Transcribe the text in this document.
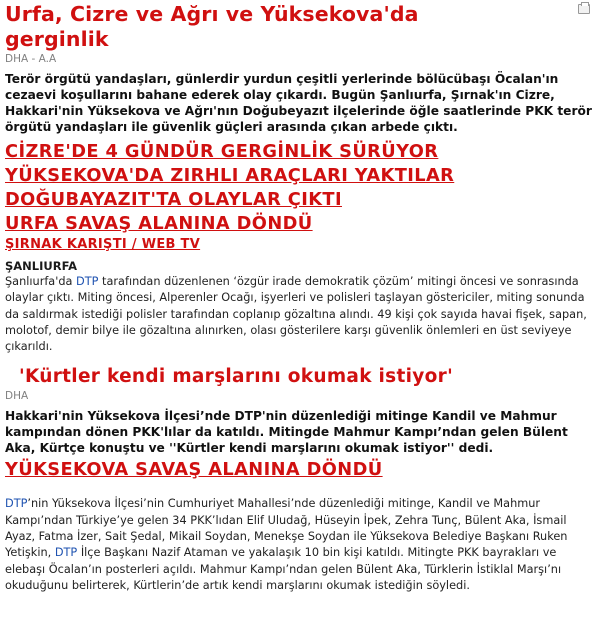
Urfa, Cizre ve Ağrı ve Yüksekova'da gerginlik
DHA - A.A
Terör örgütü yandaşları, günlerdir yurdun çeşitli yerlerinde bölücübaşı Öcalan'ın cezaevi koşullarını bahane ederek olay çıkardı. Bugün Şanlıurfa, Şırnak'ın Cizre, Hakkari'nin Yüksekova ve Ağrı'nın Doğubeyazıt ilçelerinde öğle saatlerinde PKK terör örgütü yandaşları ile güvenlik güçleri arasında çıkan arbede çıktı.
CİZRE'DE 4 GÜNDÜR GERGİNLİK SÜRÜYOR
YÜKSEKOVA'DA ZIRHLI ARAÇLARI YAKTILAR
DOĞUBAYAZIT'TA OLAYLAR ÇIKTI
URFA SAVAŞ ALANINA DÖNDÜ
ŞIRNAK KARIŞTI / WEB TV
ŞANLIURFA
Şanlıurfa'da DTP tarafından düzenlenen ‘özgür irade demokratik çözüm’ mitingi öncesi ve sonrasında olaylar çıktı. Miting öncesi, Alperenler Ocağı, işyerleri ve polisleri taşlayan göstericiler, miting sonunda da saldırmak istediği polisler tarafından coplanıp gözaltına alındı. 49 kişi çok sayıda havai fişek, sapan, molotof, demir bilye ile gözaltına alınırken, olası gösterilere karşı güvenlik önlemleri en üst seviyeye çıkarıldı.
'Kürtler kendi marşlarını okumak istiyor'
DHA
Hakkari'nin Yüksekova İlçesi’nde DTP'nin düzenlediği mitinge Kandil ve Mahmur kampından dönen PKK'lılar da katıldı. Mitingde Mahmur Kampı’ndan gelen Bülent Aka, Kürtçe konuştu ve ''Kürtler kendi marşlarını okumak istiyor'' dedi.
YÜKSEKOVA SAVAŞ ALANINA DÖNDÜ
DTP’nin Yüksekova İlçesi’nin Cumhuriyet Mahallesi’nde düzenlediği mitinge, Kandil ve Mahmur Kampı’ndan Türkiye’ye gelen 34 PKK’lıdan Elif Uludağ, Hüseyin İpek, Zehra Tunç, Bülent Aka, İsmail Ayaz, Fatma İzer, Sait Şedal, Mikail Soydan, Menekşe Soydan ile Yüksekova Belediye Başkanı Ruken Yetişkin, DTP İlçe Başkanı Nazif Ataman ve yakalaşık 10 bin kişi katıldı. Mitingte PKK bayrakları ve elebaşı Öcalan’ın posterleri açıldı. Mahmur Kampı’ndan gelen Bülent Aka, Türklerin İstiklal Marşı’nı okuduğunu belirterek, Kürtlerin’de artık kendi marşlarını okumak istediğin söyledi.
